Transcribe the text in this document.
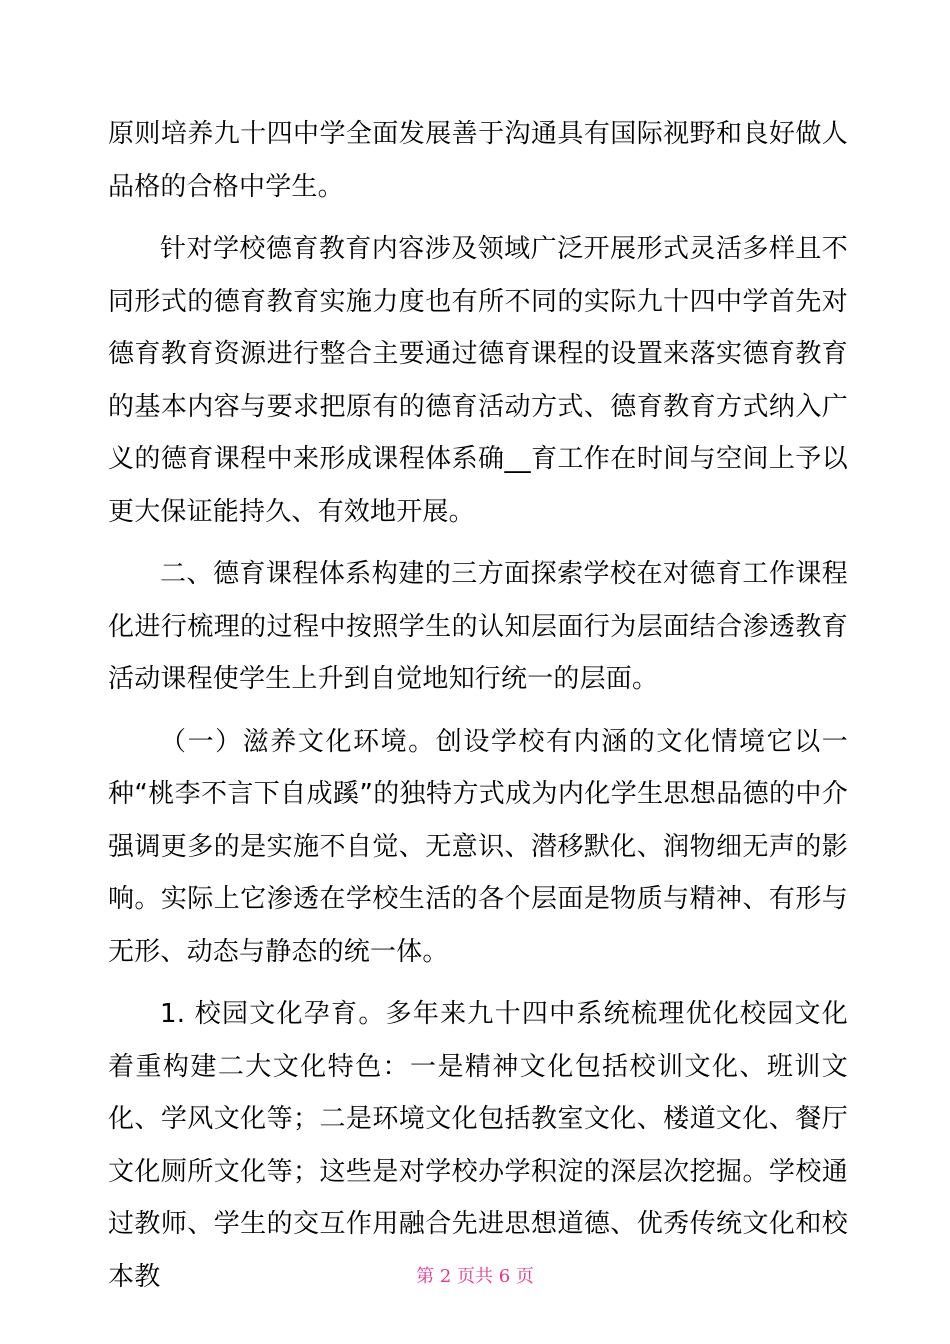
原则培养九十四中学全面发展善于沟通具有国际视野和良好做人品格的合格中学生。

针对学校德育教育内容涉及领域广泛开展形式灵活多样且不同形式的德育教育实施力度也有所不同的实际九十四中学首先对德育教育资源进行整合主要通过德育课程的设置来落实德育教育的基本内容与要求把原有的德育活动方式、德育教育方式纳入广义的德育课程中来形成课程体系确__育工作在时间与空间上予以更大保证能持久、有效地开展。

二、德育课程体系构建的三方面探索学校在对德育工作课程化进行梳理的过程中按照学生的认知层面行为层面结合渗透教育活动课程使学生上升到自觉地知行统一的层面。

（一）滋养文化环境。创设学校有内涵的文化情境它以一种“桃李不言下自成蹊”的独特方式成为内化学生思想品德的中介强调更多的是实施不自觉、无意识、潜移默化、润物细无声的影响。实际上它渗透在学校生活的各个层面是物质与精神、有形与无形、动态与静态的统一体。

1. 校园文化孕育。多年来九十四中系统梳理优化校园文化着重构建二大文化特色：一是精神文化包括校训文化、班训文化、学风文化等；二是环境文化包括教室文化、楼道文化、餐厅文化厕所文化等；这些是对学校办学积淀的深层次挖掘。学校通过教师、学生的交互作用融合先进思想道德、优秀传统文化和校本教	第 2 页共 6 页
